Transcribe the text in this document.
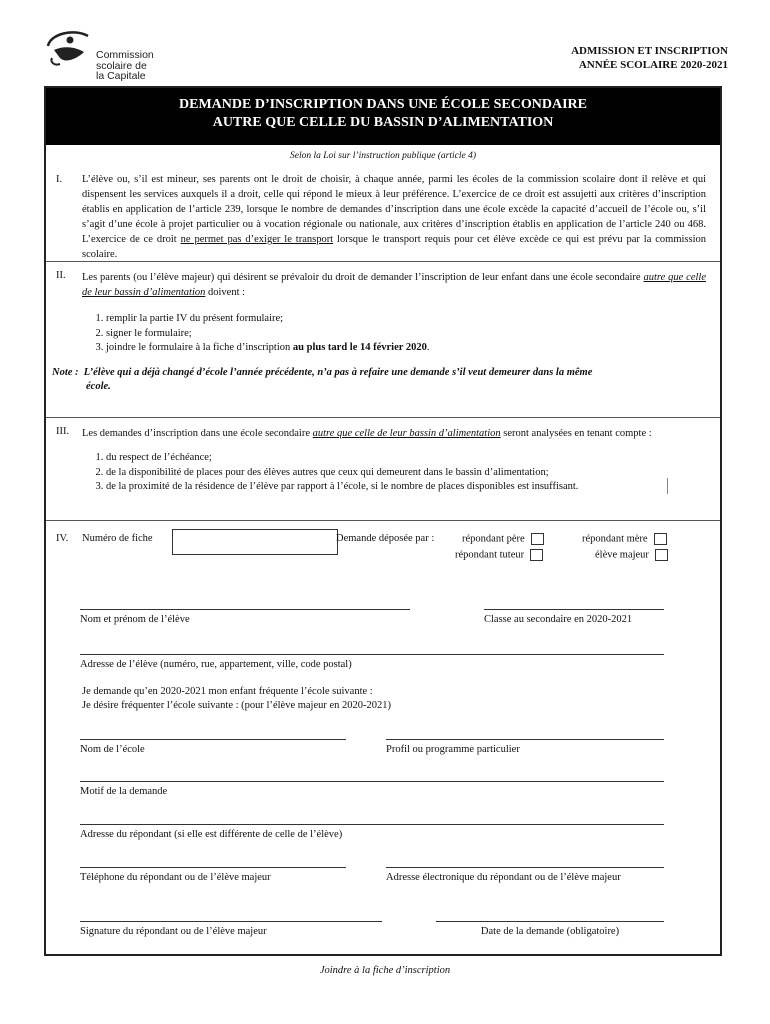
Commission
scolaire de
la Capitale
ADMISSION ET INSCRIPTION
ANNÉE SCOLAIRE 2020-2021
DEMANDE D’INSCRIPTION DANS UNE ÉCOLE SECONDAIRE
AUTRE QUE CELLE DU BASSIN D’ALIMENTATION
Selon la Loi sur l’instruction publique (article 4)
I. L’élève ou, s’il est mineur, ses parents ont le droit de choisir, à chaque année, parmi les écoles de la commission scolaire dont il relève et qui dispensent les services auxquels il a droit, celle qui répond le mieux à leur préférence. L’exercice de ce droit est assujetti aux critères d’inscription établis en application de l’article 239, lorsque le nombre de demandes d’inscription dans une école excède la capacité d’accueil de l’école ou, s’il s’agit d’une école à projet particulier ou à vocation régionale ou nationale, aux critères d’inscription établis en application de l’article 240 ou 468. L’exercice de ce droit ne permet pas d’exiger le transport lorsque le transport requis pour cet élève excède ce qui est prévu par la commission scolaire.
II. Les parents (ou l’élève majeur) qui désirent se prévaloir du droit de demander l’inscription de leur enfant dans une école secondaire autre que celle de leur bassin d’alimentation doivent :
1. remplir la partie IV du présent formulaire;
2. signer le formulaire;
3. joindre le formulaire à la fiche d’inscription au plus tard le 14 février 2020.
Note : L’élève qui a déjà changé d’école l’année précédente, n’a pas à refaire une demande s’il veut demeurer dans la même
école.
III. Les demandes d’inscription dans une école secondaire autre que celle de leur bassin d’alimentation seront analysées en tenant compte :
1. du respect de l’échéance;
2. de la disponibilité de places pour des élèves autres que ceux qui demeurent dans le bassin d’alimentation;
3. de la proximité de la résidence de l’élève par rapport à l’école, si le nombre de places disponibles est insuffisant.
IV. Numéro de fiche	Demande déposée par :	répondant père	répondant mère
répondant tuteur	élève majeur
Nom et prénom de l’élève	Classe au secondaire en 2020-2021
Adresse de l’élève (numéro, rue, appartement, ville, code postal)
Je demande qu’en 2020-2021 mon enfant fréquente l’école suivante :
Je désire fréquenter l’école suivante : (pour l’élève majeur en 2020-2021)
Nom de l’école	Profil ou programme particulier
Motif de la demande
Adresse du répondant (si elle est différente de celle de l’élève)
Téléphone du répondant ou de l’élève majeur	Adresse électronique du répondant ou de l’élève majeur
Signature du répondant ou de l’élève majeur	Date de la demande (obligatoire)
Joindre à la fiche d’inscription
